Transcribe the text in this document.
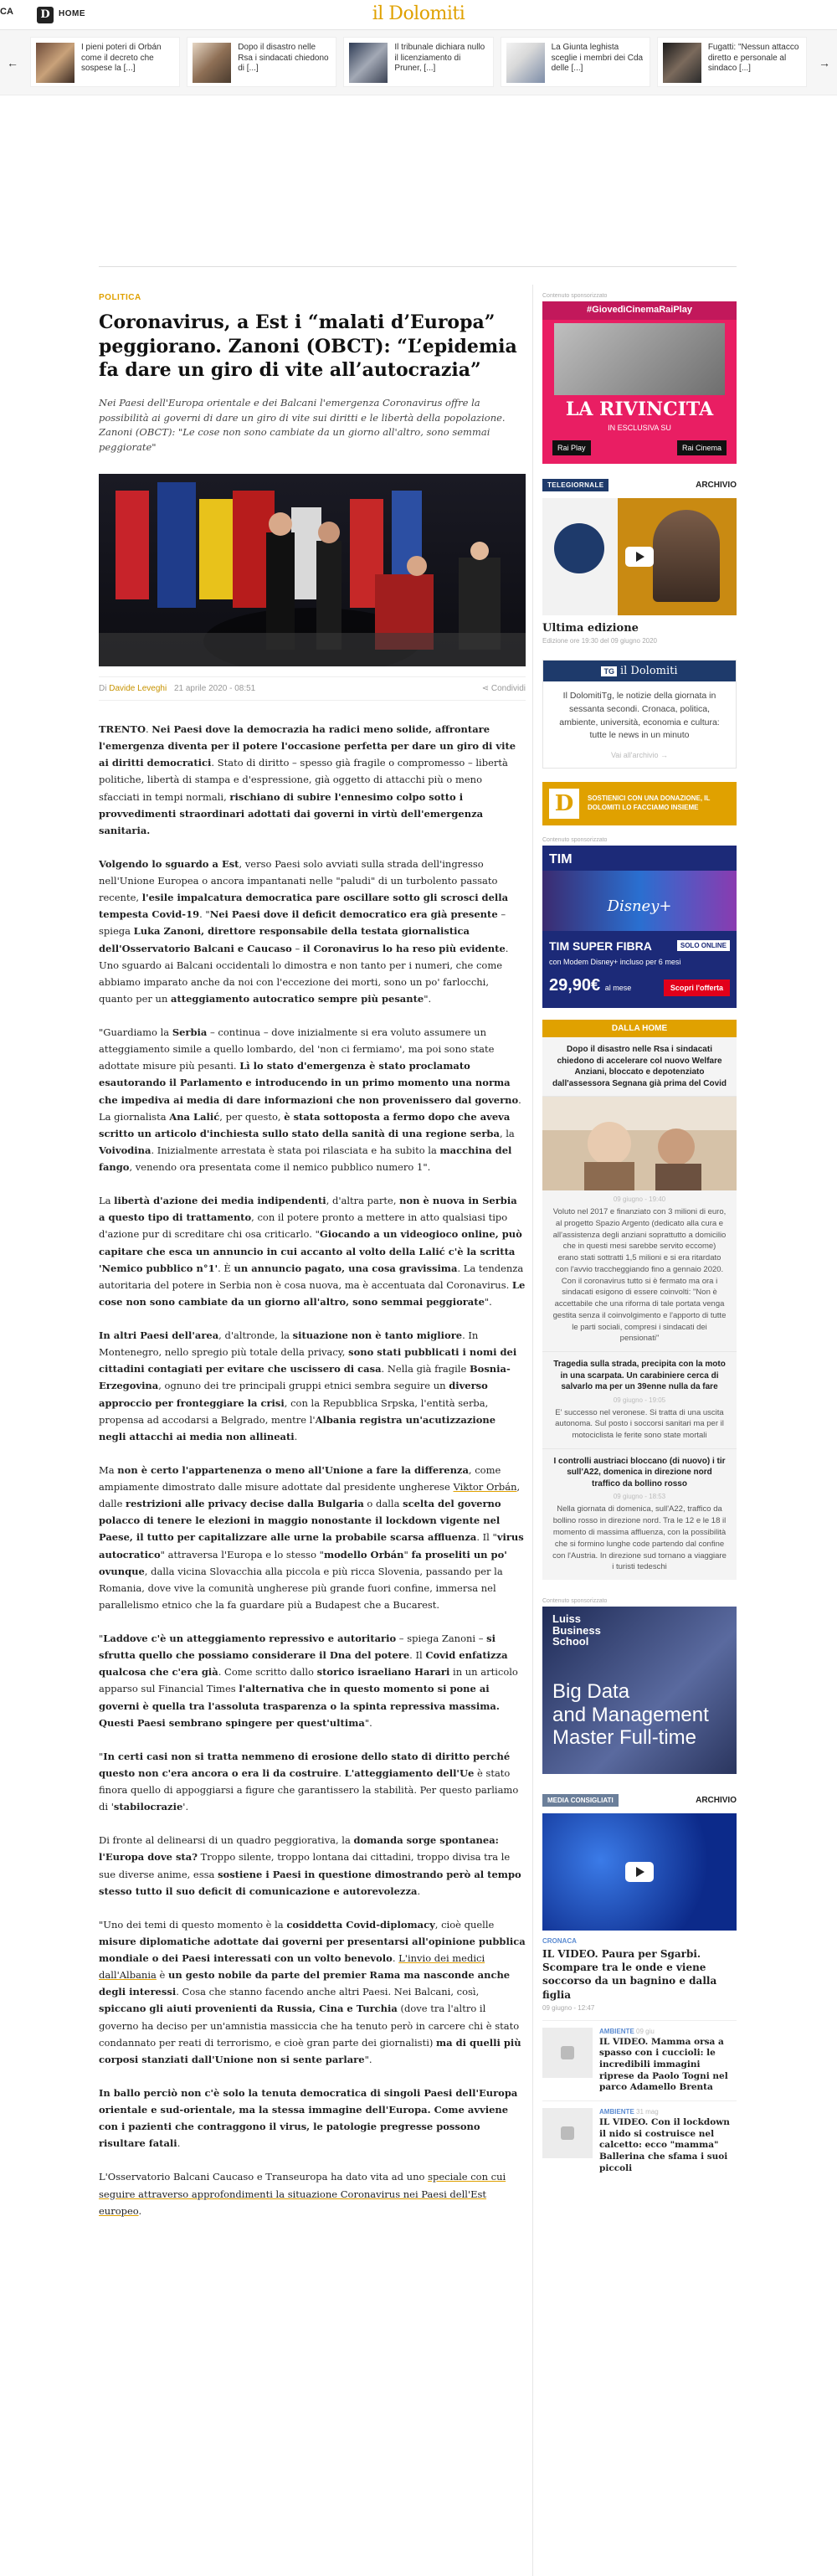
CA	D	HOME	il Dolomiti
←
I pieni poteri di Orbán come il decreto che sospese la [...]
Dopo il disastro nelle Rsa i sindacati chiedono di [...]
Il tribunale dichiara nullo il licenziamento di Pruner, [...]
La Giunta leghista sceglie i membri dei Cda delle [...]
Fugatti: "Nessun attacco diretto e personale al sindaco [...]	→
POLITICA
Coronavirus, a Est i “malati d’Europa” peggiorano. Zanoni (OBCT): “L’epidemia fa dare un giro di vite all’autocrazia”

Nei Paesi dell'Europa orientale e dei Balcani l'emergenza Coronavirus offre la possibilità ai governi di dare un giro di vite sui diritti e le libertà della popolazione. Zanoni (OBCT): "Le cose non sono cambiate da un giorno all'altro, sono semmai peggiorate"

Di Davide Leveghi 21 aprile 2020 - 08:51	⋖ Condividi

TRENTO. Nei Paesi dove la democrazia ha radici meno solide, affrontare l'emergenza diventa per il potere l'occasione perfetta per dare un giro di vite ai diritti democratici. Stato di diritto – spesso già fragile o compromesso – libertà politiche, libertà di stampa e d'espressione, già oggetto di attacchi più o meno sfacciati in tempi normali, rischiano di subire l'ennesimo colpo sotto i provvedimenti straordinari adottati dai governi in virtù dell'emergenza sanitaria.

Volgendo lo sguardo a Est, verso Paesi solo avviati sulla strada dell'ingresso nell'Unione Europea o ancora impantanati nelle "paludi" di un turbolento passato recente, l'esile impalcatura democratica pare oscillare sotto gli scrosci della tempesta Covid-19. "Nei Paesi dove il deficit democratico era già presente – spiega Luka Zanoni, direttore responsabile della testata giornalistica dell'Osservatorio Balcani e Caucaso – il Coronavirus lo ha reso più evidente. Uno sguardo ai Balcani occidentali lo dimostra e non tanto per i numeri, che come abbiamo imparato anche da noi con l'eccezione dei morti, sono un po' farlocchi, quanto per un atteggiamento autocratico sempre più pesante".

"Guardiamo la Serbia – continua – dove inizialmente si era voluto assumere un atteggiamento simile a quello lombardo, del 'non ci fermiamo', ma poi sono state adottate misure più pesanti. Lì lo stato d'emergenza è stato proclamato esautorando il Parlamento e introducendo in un primo momento una norma che impediva ai media di dare informazioni che non provenissero dal governo. La giornalista Ana Lalić, per questo, è stata sottoposta a fermo dopo che aveva scritto un articolo d'inchiesta sullo stato della sanità di una regione serba, la Voivodina. Inizialmente arrestata è stata poi rilasciata e ha subito la macchina del fango, venendo ora presentata come il nemico pubblico numero 1".

La libertà d'azione dei media indipendenti, d'altra parte, non è nuova in Serbia a questo tipo di trattamento, con il potere pronto a mettere in atto qualsiasi tipo d'azione pur di screditare chi osa criticarlo. "Giocando a un videogioco online, può capitare che esca un annuncio in cui accanto al volto della Lalić c'è la scritta 'Nemico pubblico n°1'. È un annuncio pagato, una cosa gravissima. La tendenza autoritaria del potere in Serbia non è cosa nuova, ma è accentuata dal Coronavirus. Le cose non sono cambiate da un giorno all'altro, sono semmai peggiorate".

In altri Paesi dell'area, d'altronde, la situazione non è tanto migliore. In Montenegro, nello spregio più totale della privacy, sono stati pubblicati i nomi dei cittadini contagiati per evitare che uscissero di casa. Nella già fragile Bosnia-Erzegovina, ognuno dei tre principali gruppi etnici sembra seguire un diverso approccio per fronteggiare la crisi, con la Repubblica Srpska, l'entità serba, propensa ad accodarsi a Belgrado, mentre l'Albania registra un'acutizzazione negli attacchi ai media non allineati.

Ma non è certo l'appartenenza o meno all'Unione a fare la differenza, come ampiamente dimostrato dalle misure adottate dal presidente ungherese Viktor Orbán, dalle restrizioni alle privacy decise dalla Bulgaria o dalla scelta del governo polacco di tenere le elezioni in maggio nonostante il lockdown vigente nel Paese, il tutto per capitalizzare alle urne la probabile scarsa affluenza. Il "virus autocratico" attraversa l'Europa e lo stesso "modello Orbán" fa proseliti un po' ovunque, dalla vicina Slovacchia alla piccola e più ricca Slovenia, passando per la Romania, dove vive la comunità ungherese più grande fuori confine, immersa nel parallelismo etnico che la fa guardare più a Budapest che a Bucarest.

"Laddove c'è un atteggiamento repressivo e autoritario – spiega Zanoni – si sfrutta quello che possiamo considerare il Dna del potere. Il Covid enfatizza qualcosa che c'era già. Come scritto dallo storico israeliano Harari in un articolo apparso sul Financial Times l'alternativa che in questo momento si pone ai governi è quella tra l'assoluta trasparenza o la spinta repressiva massima. Questi Paesi sembrano spingere per quest'ultima".

"In certi casi non si tratta nemmeno di erosione dello stato di diritto perché questo non c'era ancora o era li da costruire. L'atteggiamento dell'Ue è stato finora quello di appoggiarsi a figure che garantissero la stabilità. Per questo parliamo di 'stabilocrazie'.

Di fronte al delinearsi di un quadro peggiorativa, la domanda sorge spontanea: l'Europa dove sta? Troppo silente, troppo lontana dai cittadini, troppo divisa tra le sue diverse anime, essa sostiene i Paesi in questione dimostrando però al tempo stesso tutto il suo deficit di comunicazione e autorevolezza.

"Uno dei temi di questo momento è la cosiddetta Covid-diplomacy, cioè quelle misure diplomatiche adottate dai governi per presentarsi all'opinione pubblica mondiale o dei Paesi interessati con un volto benevolo. L'invio dei medici dall'Albania è un gesto nobile da parte del premier Rama ma nasconde anche degli interessi. Cosa che stanno facendo anche altri Paesi. Nei Balcani, così, spiccano gli aiuti provenienti da Russia, Cina e Turchia (dove tra l'altro il governo ha deciso per un'amnistia massiccia che ha tenuto però in carcere chi è stato condannato per reati di terrorismo, e cioè gran parte dei giornalisti) ma di quelli più corposi stanziati dall'Unione non si sente parlare".

In ballo perciò non c'è solo la tenuta democratica di singoli Paesi dell'Europa orientale e sud-orientale, ma la stessa immagine dell'Europa. Come avviene con i pazienti che contraggono il virus, le patologie pregresse possono risultare fatali.

L'Osservatorio Balcani Caucaso e Transeuropa ha dato vita ad uno speciale con cui seguire attraverso approfondimenti la situazione Coronavirus nei Paesi dell'Est europeo.

Contenuto sponsorizzato
#GiovedìCinemaRaiPlay
LA RIVINCITA
IN ESCLUSIVA SU
Rai Play	Rai Cinema
TELEGIORNALE	ARCHIVIO
Ultima edizione
Edizione ore 19:30 del 09 giugno 2020
TG il Dolomiti
Il DolomitiTg, le notizie della giornata in sessanta secondi. Cronaca, politica, ambiente, università, economia e cultura: tutte le news in un minuto
Vai all'archivio →
D	SOSTIENICI CON UNA DONAZIONE, IL DOLOMITI LO FACCIAMO INSIEME
Contenuto sponsorizzato
TIM
Disney+
TIM SUPER FIBRA	SOLO ONLINE
con Modem Disney+ incluso per 6 mesi
29,90€ al mese	Scopri l'offerta
DALLA HOME
Dopo il disastro nelle Rsa i sindacati chiedono di accelerare col nuovo Welfare Anziani, bloccato e depotenziato dall'assessora Segnana già prima del Covid
09 giugno - 19:40
Voluto nel 2017 e finanziato con 3 milioni di euro, al progetto Spazio Argento (dedicato alla cura e all'assistenza degli anziani soprattutto a domicilio che in questi mesi sarebbe servito eccome) erano stati sottratti 1,5 milioni e si era ritardato con l'avvio traccheggiando fino a gennaio 2020. Con il coronavirus tutto si è fermato ma ora i sindacati esigono di essere coinvolti: "Non è accettabile che una riforma di tale portata venga gestita senza il coinvolgimento e l'apporto di tutte le parti sociali, compresi i sindacati dei pensionati"
Tragedia sulla strada, precipita con la moto in una scarpata. Un carabiniere cerca di salvarlo ma per un 39enne nulla da fare
09 giugno - 19:05
E' successo nel veronese. Si tratta di una uscita autonoma. Sul posto i soccorsi sanitari ma per il motociclista le ferite sono state mortali
I controlli austriaci bloccano (di nuovo) i tir sull'A22, domenica in direzione nord traffico da bollino rosso
09 giugno - 18:53
Nella giornata di domenica, sull'A22, traffico da bollino rosso in direzione nord. Tra le 12 e le 18 il momento di massima affluenza, con la possibilità che si formino lunghe code partendo dal confine con l'Austria. In direzione sud tornano a viaggiare i turisti tedeschi
Contenuto sponsorizzato
Luiss
Business
School
Big Data
and Management
Master Full-time
MEDIA CONSIGLIATI	ARCHIVIO
CRONACA
IL VIDEO. Paura per Sgarbi. Scompare tra le onde e viene soccorso da un bagnino e dalla figlia
09 giugno - 12:47
AMBIENTE 09 giu
IL VIDEO. Mamma orsa a spasso con i cuccioli: le incredibili immagini riprese da Paolo Togni nel parco Adamello Brenta
AMBIENTE 31 mag
IL VIDEO. Con il lockdown il nido si costruisce nel calcetto: ecco "mamma" Ballerina che sfama i suoi piccoli
